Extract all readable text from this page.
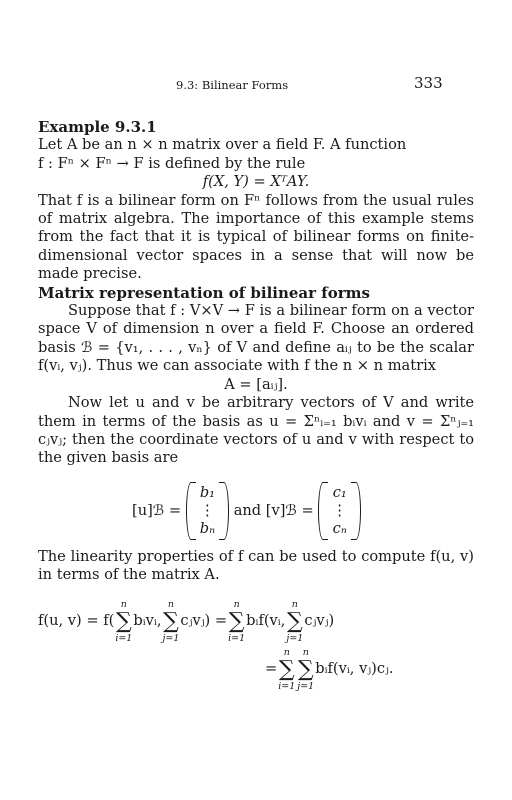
9.3: Bilinear Forms	333

Example 9.3.1

Let A be an n × n matrix over a field F. A function

f : Fⁿ × Fⁿ → F is defined by the rule

f(X, Y) = XᵀAY.

That f is a bilinear form on Fⁿ follows from the usual rules of matrix algebra. The importance of this example stems from the fact that it is typical of bilinear forms on finite-dimensional vector spaces in a sense that will now be made precise.

Matrix representation of bilinear forms

Suppose that f : V×V → F is a bilinear form on a vector space V of dimension n over a field F. Choose an ordered basis ℬ = {v₁, . . . , vₙ} of V and define aᵢⱼ to be the scalar f(vᵢ, vⱼ). Thus we can associate with f the n × n matrix

A = [aᵢⱼ].

Now let u and v be arbitrary vectors of V and write them in terms of the basis as u = Σⁿᵢ₌₁ bᵢvᵢ and v = Σⁿⱼ₌₁ cⱼvⱼ; then the coordinate vectors of u and v with respect to the given basis are

[u]ℬ =
b₁
⋮
bₙ
and [v]ℬ =
c₁
⋮
cₙ

The linearity properties of f can be used to compute f(u, v) in terms of the matrix A.

f(u, v) = f(
n
∑
i=1
bᵢvᵢ,
n
∑
j=1
cⱼvⱼ) =
n
∑
i=1
bᵢf(vᵢ,
n
∑
j=1
cⱼvⱼ)
=
n
∑
i=1
n
∑
j=1
bᵢf(vᵢ, vⱼ)cⱼ.
